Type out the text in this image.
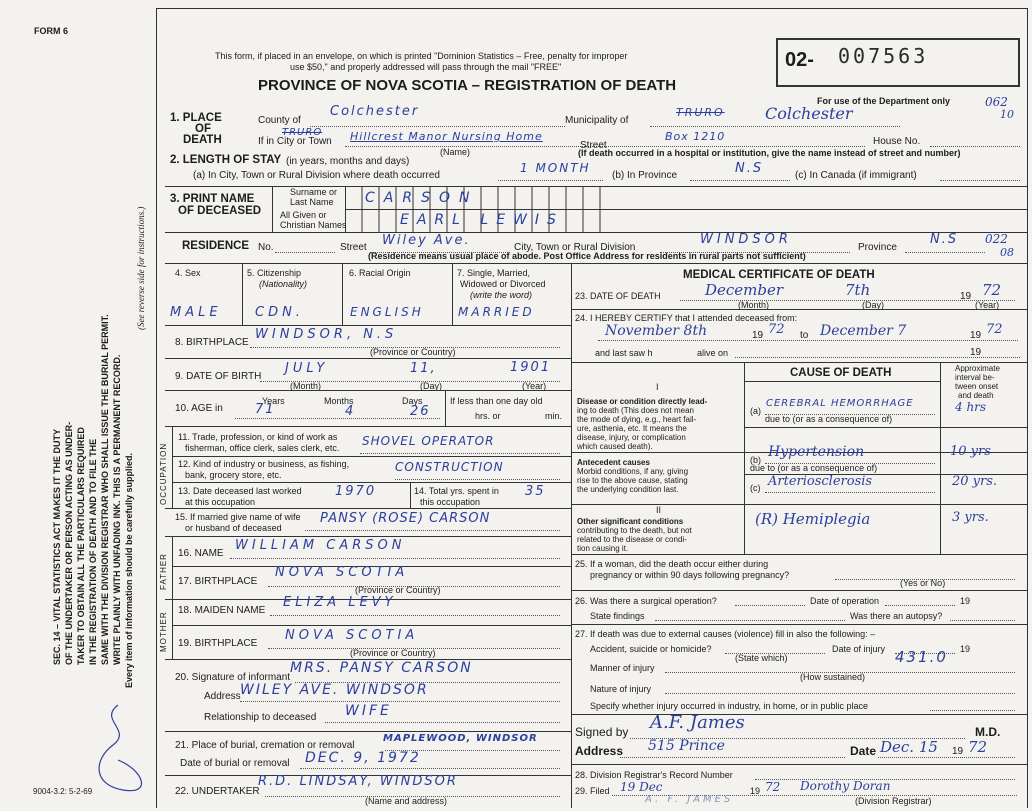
FORM 6
9004-3.2: 5-2-69
SEC. 14 – VITAL STATISTICS ACT MAKES IT THE DUTY OF THE UNDERTAKER OR PERSON ACTING AS UNDER- TAKER TO OBTAIN ALL THE PARTICULARS REQUIRED IN THE REGISTRATION OF DEATH AND TO FILE THE SAME WITH THE DIVISION REGISTRAR WHO SHALL ISSUE THE BURIAL PERMIT. WRITE PLAINLY WITH UNFADING INK. THIS IS A PERMANENT RECORD. Every item of information should be carefully supplied.
(See reverse side for instructions.)
This form, if placed in an envelope, on which is printed "Dominion Statistics – Free, penalty for improper
use $50," and properly addressed will pass through the mail "FREE"
PROVINCE OF NOVA SCOTIA – REGISTRATION OF DEATH
02- 007563
For use of the Department only	062
10
022
08
1. PLACE
OF
DEATH
County of
Colchester
Municipality of
TRURO	Colchester
If in City or Town
TRURO	Hillcrest Manor Nursing Home
(Name)
Street
Box 1210	House No.
(If death occurred in a hospital or institution, give the name instead of street and number)
2. LENGTH OF STAY (in years, months and days)
(a) In City, Town or Rural Division where death occurred
1 MONTH
(b) In Province	N.S	(c) In Canada (if immigrant)
3. PRINT NAME
OF DECEASED
Surname or
Last Name
All Given or
Christian Names
CARSON
EARL LEWIS
RESIDENCE No.	Street Wiley Ave.	City, Town or Rural Division
WINDSOR
Province
N.S
(Residence means usual place of abode. Post Office Address for residents in rural parts not sufficient)
4. Sex	5. Citizenship
(Nationality)
6. Racial Origin	7. Single, Married,
Widowed or Divorced
(write the word)
MALE	CDN.	ENGLISH	MARRIED
8. BIRTHPLACE
WINDSOR, N.S
(Province or Country)
9. DATE OF BIRTH
JULY	11,	1901
(Month)	(Day)	(Year)
10. AGE in
Years	Months	Days
71	4	26
If less than one day old
hrs. or	min.
OCCUPATION
11. Trade, profession, or kind of work as
fisherman, office clerk, sales clerk, etc. SHOVEL OPERATOR
12. Kind of industry or business, as fishing,
bank, grocery store, etc.
CONSTRUCTION
13. Date deceased last worked
at this occupation
1970	14. Total yrs. spent in
this occupation
35
15. If married give name of wife
or husband of deceased
PANSY (ROSE) CARSON
FATHER 16. NAME
WILLIAM CARSON
17. BIRTHPLACE
NOVA SCOTIA
(Province or Country)
MOTHER
18. MAIDEN NAME
ELIZA LEVY
19. BIRTHPLACE
NOVA SCOTIA
(Province or Country)
20. Signature of informant
MRS. PANSY CARSON
Address WILEY AVE. WINDSOR
Relationship to deceased WIFE
21. Place of burial, cremation or removal
MAPLEWOOD, WINDSOR
Date of burial or removal DEC. 9, 1972
22. UNDERTAKER
R.D. LINDSAY, WINDSOR
(Name and address)
MEDICAL CERTIFICATE OF DEATH
23. DATE OF DEATH	December	7th	19 72
(Month)	(Day)	(Year)
24. I HEREBY CERTIFY that I attended deceased from:
November 8th	19 72 to December 7	19 72
and last saw h	alive on	19
CAUSE OF DEATH	Approximate
interval be-
tween onset
and death
I
Disease or condition directly lead-
ing to death (This does not mean
the mode of dying, e.g., heart fail-
ure, asthenia, etc. It means the
disease, injury, or complication
which caused death).
(a)
CEREBRAL HEMORRHAGE	4 hrs
due to (or as a consequence of)
Antecedent causes
Morbid conditions, if any, giving
rise to the above cause, stating
the underlying condition last.
(b) Hypertension	10 yrs
due to (or as a consequence of)
(c) Arteriosclerosis	20 yrs.
II
Other significant conditions
contributing to the death, but not
related to the disease or condi-
tion causing it.
(R) Hemiplegia	3 yrs.
25. If a woman, did the death occur either during
pregnancy or within 90 days following pregnancy?
(Yes or No)
26. Was there a surgical operation?	Date of operation	19
State findings	Was there an autopsy?
27. If death was due to external causes (violence) fill in also the following: –
Accident, suicide or homicide?	Date of injury	19
(State which)	431.0
Manner of injury
(How sustained)
Nature of injury
Specify whether injury occurred in industry, in home, or in public place
Signed by A.F. James	M.D.
Address 515 Prince	Date Dec. 15 19 72
28. Division Registrar's Record Number
29. Filed 19 Dec	19 72 Dorothy Doran
(Division Registrar)
A. F. JAMES
